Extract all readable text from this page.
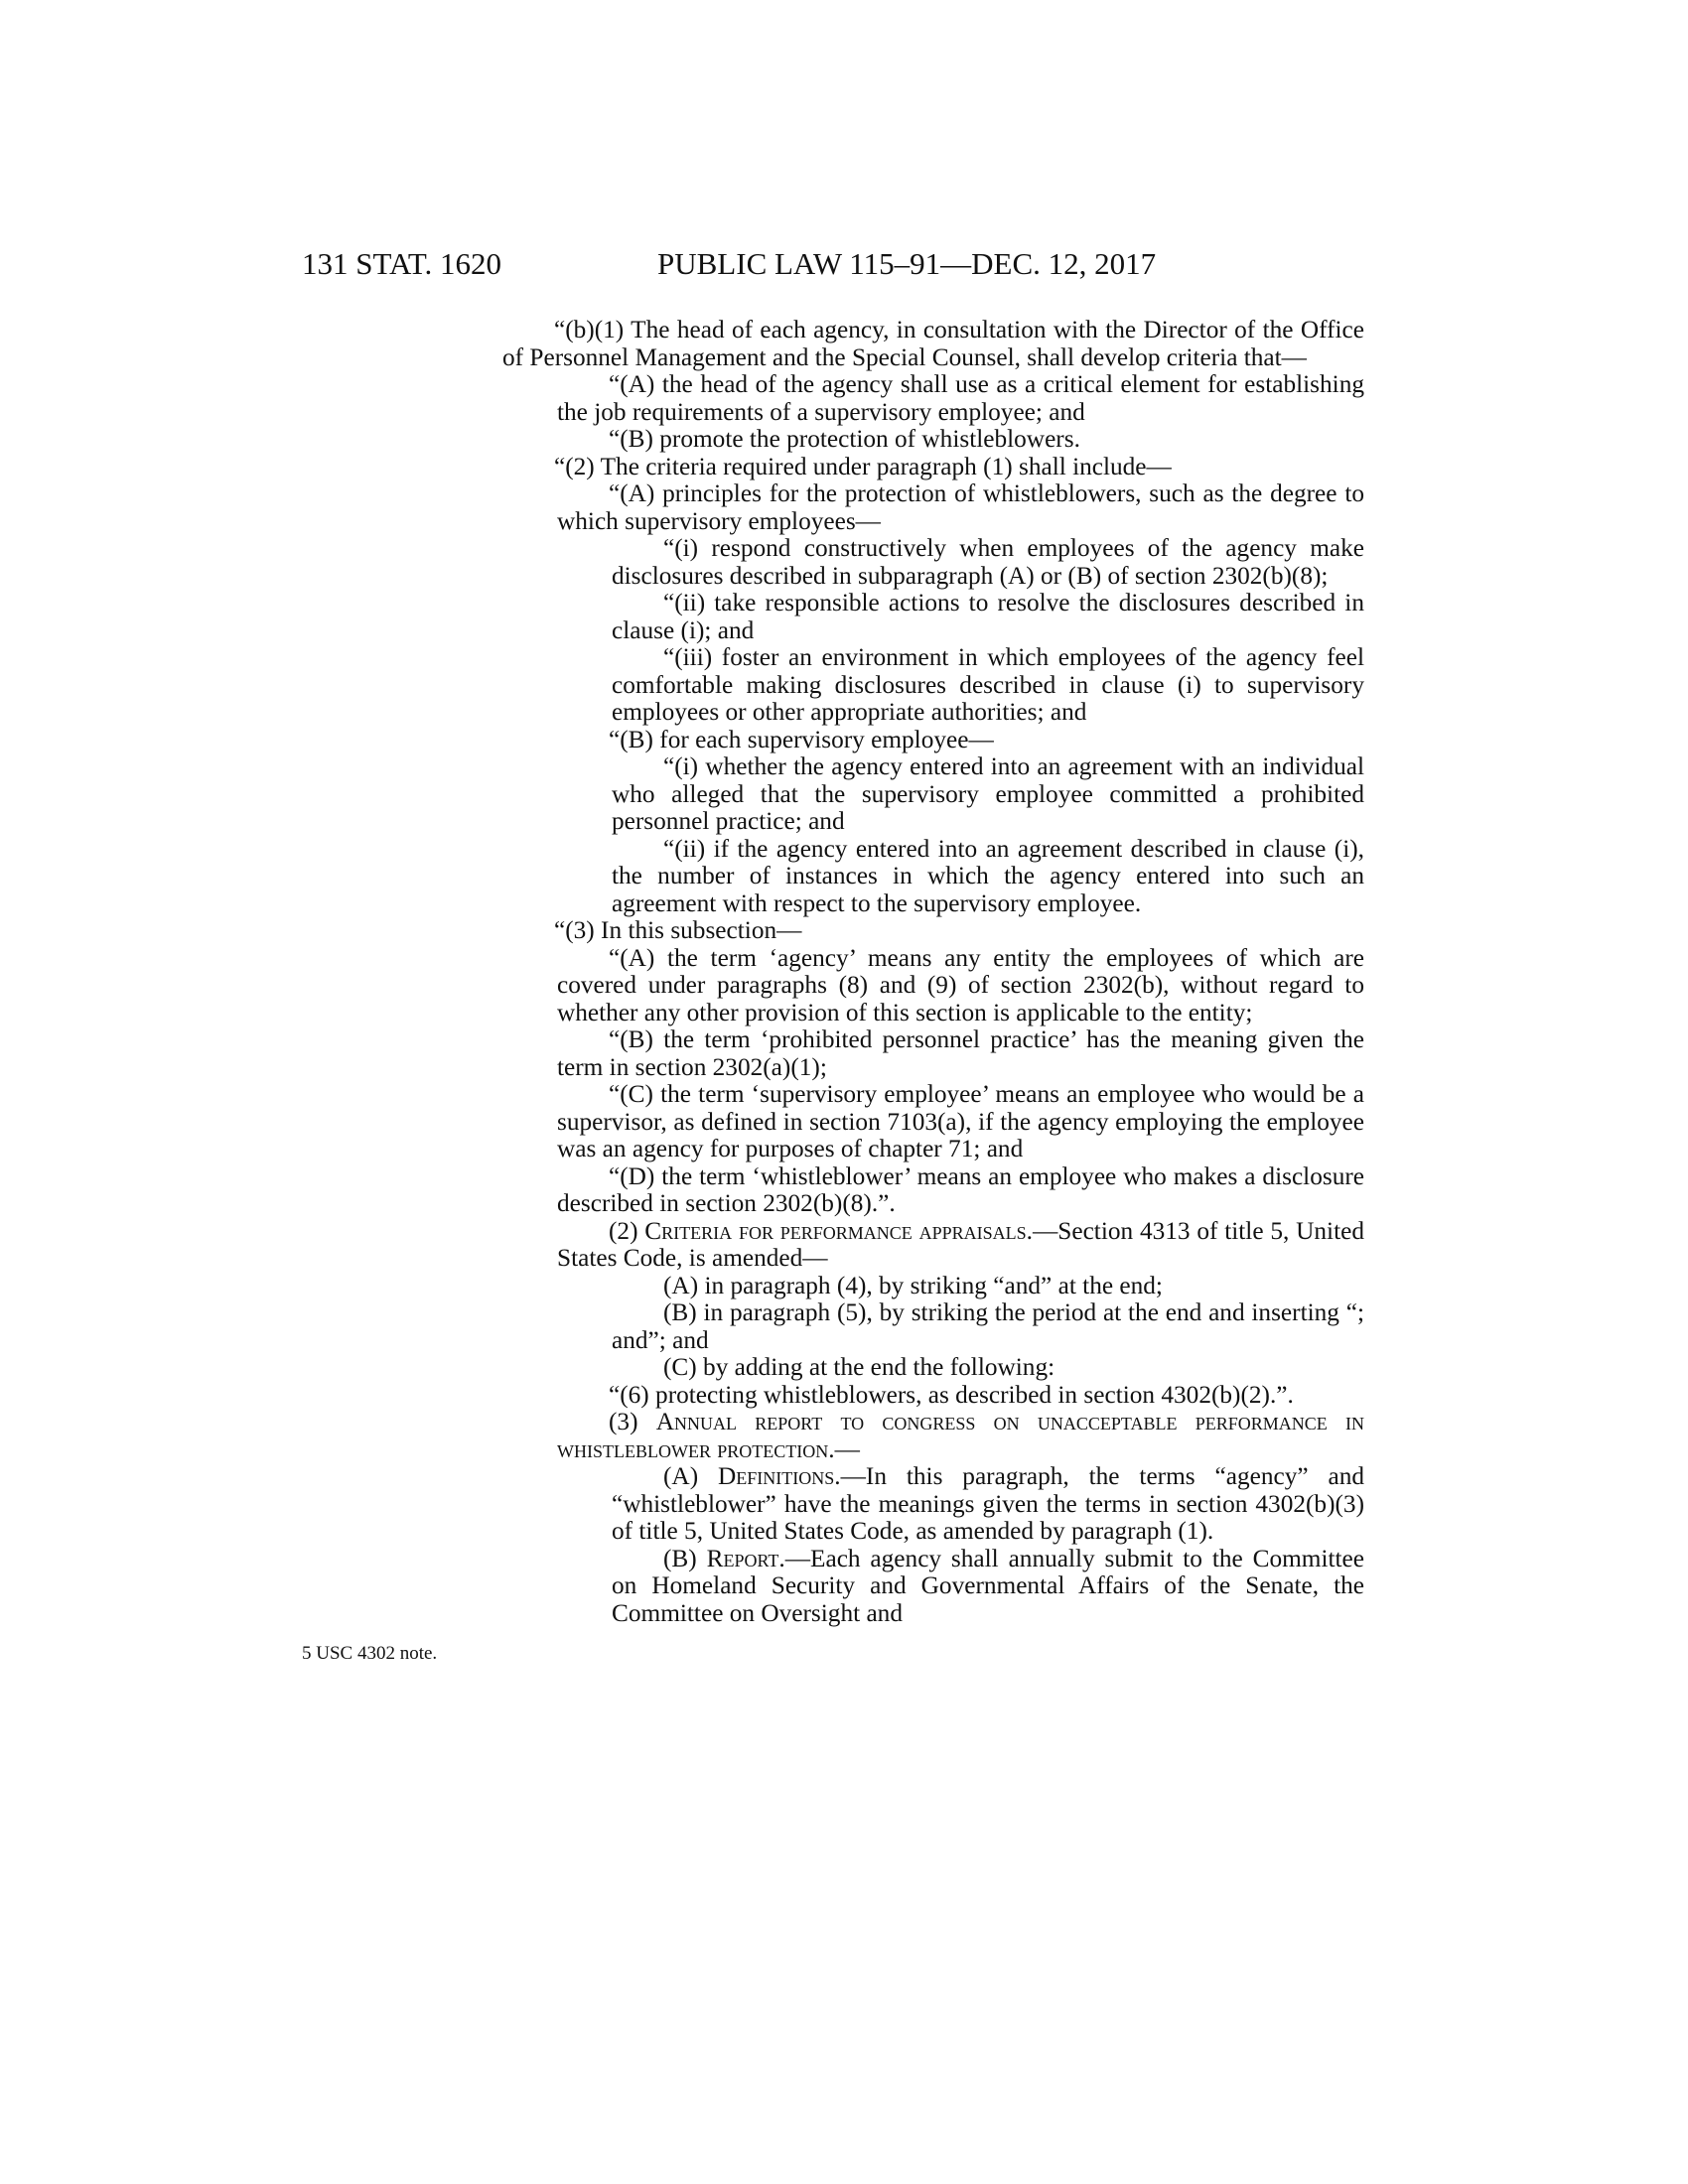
131 STAT. 1620	PUBLIC LAW 115–91—DEC. 12, 2017
5 USC 4302 note.

“(b)(1) The head of each agency, in consultation with the Director of the Office of Personnel Management and the Special Counsel, shall develop criteria that—

“(A) the head of the agency shall use as a critical element for establishing the job requirements of a supervisory employee; and

“(B) promote the protection of whistleblowers.

“(2) The criteria required under paragraph (1) shall include—

“(A) principles for the protection of whistleblowers, such as the degree to which supervisory employees—

“(i) respond constructively when employees of the agency make disclosures described in subparagraph (A) or (B) of section 2302(b)(8);

“(ii) take responsible actions to resolve the disclosures described in clause (i); and

“(iii) foster an environment in which employees of the agency feel comfortable making disclosures described in clause (i) to supervisory employees or other appropriate authorities; and

“(B) for each supervisory employee—

“(i) whether the agency entered into an agreement with an individual who alleged that the supervisory employee committed a prohibited personnel practice; and

“(ii) if the agency entered into an agreement described in clause (i), the number of instances in which the agency entered into such an agreement with respect to the supervisory employee.

“(3) In this subsection—

“(A) the term ‘agency’ means any entity the employees of which are covered under paragraphs (8) and (9) of section 2302(b), without regard to whether any other provision of this section is applicable to the entity;

“(B) the term ‘prohibited personnel practice’ has the meaning given the term in section 2302(a)(1);

“(C) the term ‘supervisory employee’ means an employee who would be a supervisor, as defined in section 7103(a), if the agency employing the employee was an agency for purposes of chapter 71; and

“(D) the term ‘whistleblower’ means an employee who makes a disclosure described in section 2302(b)(8).”.

(2) Criteria for performance appraisals.—Section 4313 of title 5, United States Code, is amended—

(A) in paragraph (4), by striking “and” at the end;

(B) in paragraph (5), by striking the period at the end and inserting “; and”; and

(C) by adding at the end the following:

“(6) protecting whistleblowers, as described in section 4302(b)(2).”.

(3) Annual report to congress on unacceptable performance in whistleblower protection.—

(A) Definitions.—In this paragraph, the terms “agency” and “whistleblower” have the meanings given the terms in section 4302(b)(3) of title 5, United States Code, as amended by paragraph (1).

(B) Report.—Each agency shall annually submit to the Committee on Homeland Security and Governmental Affairs of the Senate, the Committee on Oversight and
